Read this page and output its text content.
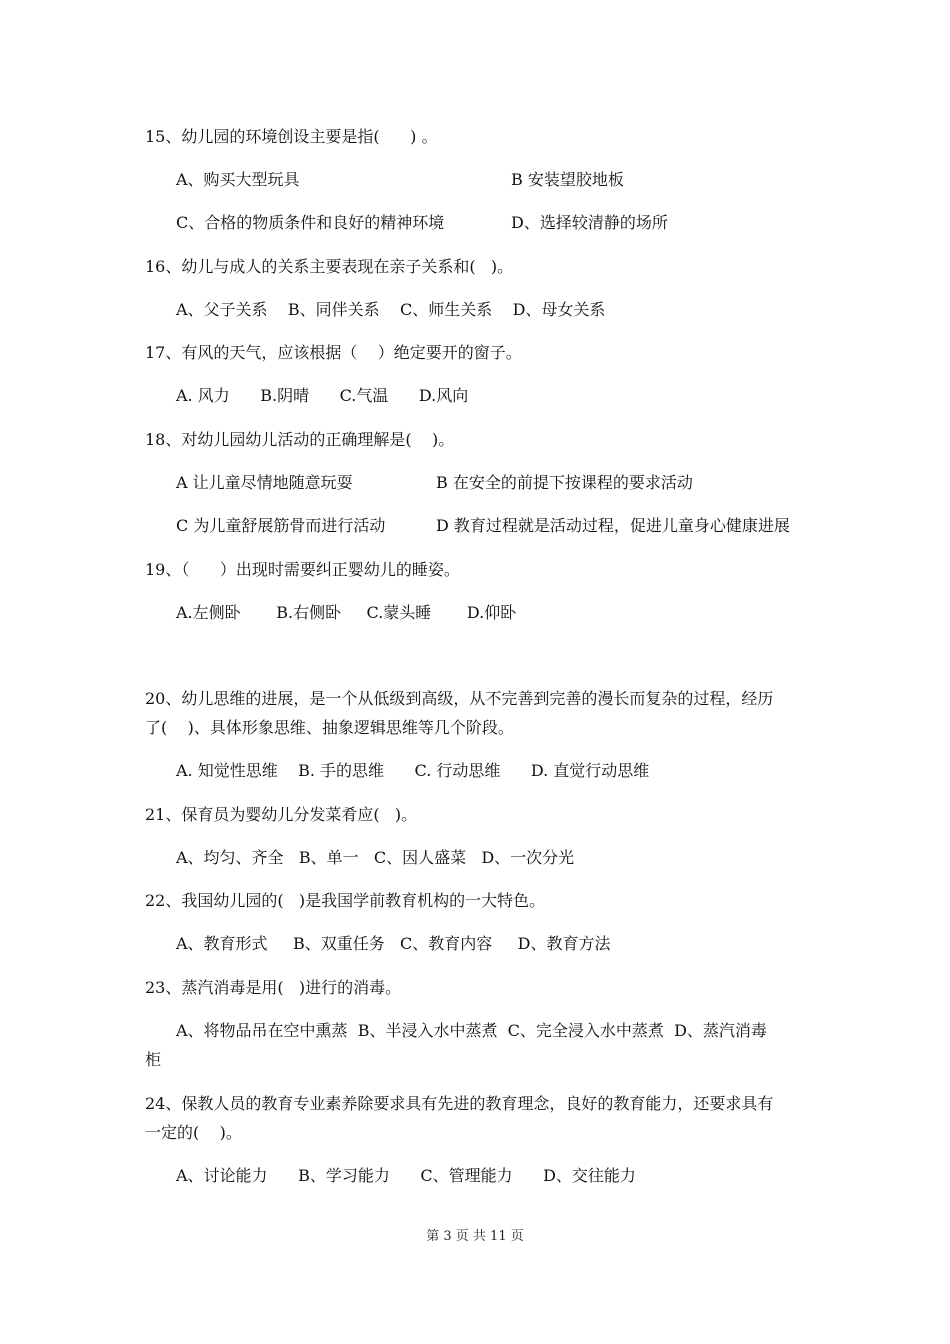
15、幼儿园的环境创设主要是指(      ) 。

A、购买大型玩具	B 安装望胶地板

C、合格的物质条件和良好的精神环境	D、选择较清静的场所

16、幼儿与成人的关系主要表现在亲子关系和(   )。

A、父子关系    B、同伴关系    C、师生关系    D、母女关系

17、有风的天气，应该根据（    ）绝定要开的窗子。

A. 风力      B.阴晴      C.气温      D.风向

18、对幼儿园幼儿活动的正确理解是(    )。

A 让儿童尽情地随意玩耍	B 在安全的前提下按课程的要求活动

C 为儿童舒展筋骨而进行活动	D 教育过程就是活动过程，促进儿童身心健康进展

19、（      ）出现时需要纠正婴幼儿的睡姿。

A.左侧卧       B.右侧卧     C.蒙头睡       D.仰卧

20、幼儿思维的进展，是一个从低级到高级，从不完善到完善的漫长而复杂的过程，经历

了(    )、具体形象思维、抽象逻辑思维等几个阶段。

A. 知觉性思维    B. 手的思维      C. 行动思维      D. 直觉行动思维

21、保育员为婴幼儿分发菜肴应(   )。

A、均匀、齐全   B、单一   C、因人盛菜   D、一次分光

22、我国幼儿园的(   )是我国学前教育机构的一大特色。

A、教育形式     B、双重任务   C、教育内容     D、教育方法

23、蒸汽消毒是用(   )进行的消毒。

A、将物品吊在空中熏蒸  B、半浸入水中蒸煮  C、完全浸入水中蒸煮  D、蒸汽消毒

柜

24、保教人员的教育专业素养除要求具有先进的教育理念，良好的教育能力，还要求具有

一定的(    )。

A、讨论能力      B、学习能力      C、管理能力      D、交往能力

第 3 页 共 11 页
